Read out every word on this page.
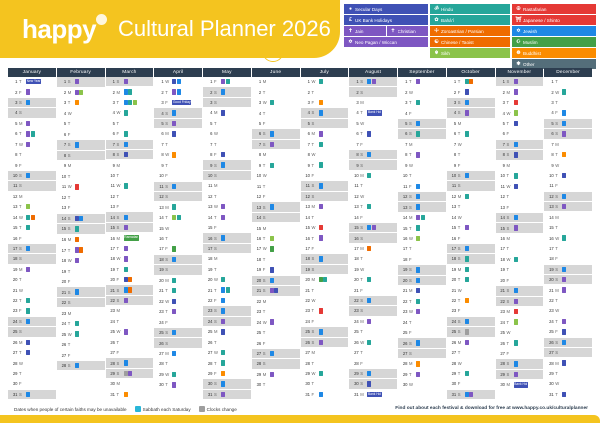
happy Cultural Planner 2026
● Secular Days
£ UK Bank Holidays
✝ Jain	✝ Christian
✡ Neo Pagan / Wiccan
ॐ Hindu
✿ Bahá'í
☩ Zoroastrian / Parsian
☯ Chinese / Taoist
☬ Sikh
☮ Rastafarian
⛩ Japanese / Shinto
✡ Jewish
☪ Muslim
☸ Buddhist
✱ Other
January
1 T	New Year
2 F
3 S
4 S
5 M
6 T
7 W
8 T
9 F
10 S
11 S
12 M
13 T
14 W
15 T
16 F
17 S
18 S
19 M
20 T
21 W
22 T
23 F
24 S
25 S
26 M
27 T
28 W
29 T
30 F
31 S
February
1 S
2 M
3 T
4 W
5 T
6 F
7 S
8 S
9 M
10 T
11 W
12 T
13 F
14 S
15 S
16 M
17 T
18 W
19 T
20 F
21 S
22 S
23 M
24 T
25 W
26 T
27 F
28 S
March
1 S
2 M
3 T
4 W
5 T
6 F
7 S
8 S
9 M
10 T
11 W
12 T
13 F
14 S
15 S
16 M	Ramadan
17 T
18 W
19 T
20 F
21 S
22 S
23 M
24 T
25 W
26 T
27 F
28 S
29 S
30 M
31 T
April
1 W
2 T
3 F	Good Friday
4 S
5 S
6 M
7 T
8 W
9 T
10 F
11 S
12 S
13 M
14 T
15 W
16 T
17 F
18 S
19 S
20 M
21 T
22 W
23 T
24 F
25 S
26 S
27 M
28 T
29 W
30 T
May
1 F
2 S
3 S
4 M
5 T
6 W
7 T
8 F
9 S
10 S
11 M
12 T
13 W
14 T
15 F
16 S
17 S
18 M
19 T
20 W
21 T
22 F
23 S
24 S
25 M
26 T
27 W
28 T
29 F
30 S
31 S
June
1 M
2 T
3 W
4 T
5 F
6 S
7 S
8 M
9 T
10 W
11 T
12 F
13 S
14 S
15 M
16 T
17 W
18 T
19 F
20 S
21 S
22 M
23 T
24 W
25 T
26 F
27 S
28 S
29 M
30 T
July
1 W
2 T
3 F
4 S
5 S
6 M
7 T
8 W
9 T
10 F
11 S
12 S
13 M
14 T
15 W
16 T
17 F
18 S
19 S
20 M
21 T
22 W
23 T
24 F
25 S
26 S
27 M
28 T
29 W
30 T
31 F
August
1 S
2 S
3 M
4 T	Bank Hol
5 W
6 T
7 F
8 S
9 S
10 M
11 T
12 W
13 T
14 F
15 S
16 S
17 M
18 T
19 W
20 T
21 F
22 S
23 S
24 M
25 T
26 W
27 T
28 F
29 S
30 S
31 M	Bank Hol
September
1 T
2 W
3 T
4 F
5 S
6 S
7 M
8 T
9 W
10 T
11 F
12 S
13 S
14 M
15 T
16 W
17 T
18 F
19 S
20 S
21 M
22 T
23 W
24 T
25 F
26 S
27 S
28 M
29 T
30 W
October
1 T
2 F
3 S
4 S
5 M
6 T
7 W
8 T
9 F
10 S
11 S
12 M
13 T
14 W
15 T
16 F
17 S
18 S
19 M
20 T
21 W
22 T
23 F
24 S
25 S
26 M
27 T
28 W
29 T
30 F
31 S
November
1 S
2 M
3 T
4 W
5 T
6 F
7 S
8 S
9 M
10 T
11 W
12 T
13 F
14 S
15 S
16 M
17 T
18 W
19 T
20 F
21 S
22 S
23 M
24 T
25 W
26 T
27 F
28 S
29 S
30 M	Bank Hol
December
1 T
2 W
3 T
4 F
5 S
6 S
7 M
8 T
9 W
10 T
11 F
12 S
13 S
14 M
15 T
16 W
17 T
18 F
19 S
20 S
21 M
22 T
23 W
24 T
25 F
26 S
27 S
28 M
29 T
30 W
31 T
Dates when people of certain faiths may be unavailable	Sabbath each Saturday	Clocks change	Find out about each festival & download for free at www.happy.co.uk/culturalplanner
